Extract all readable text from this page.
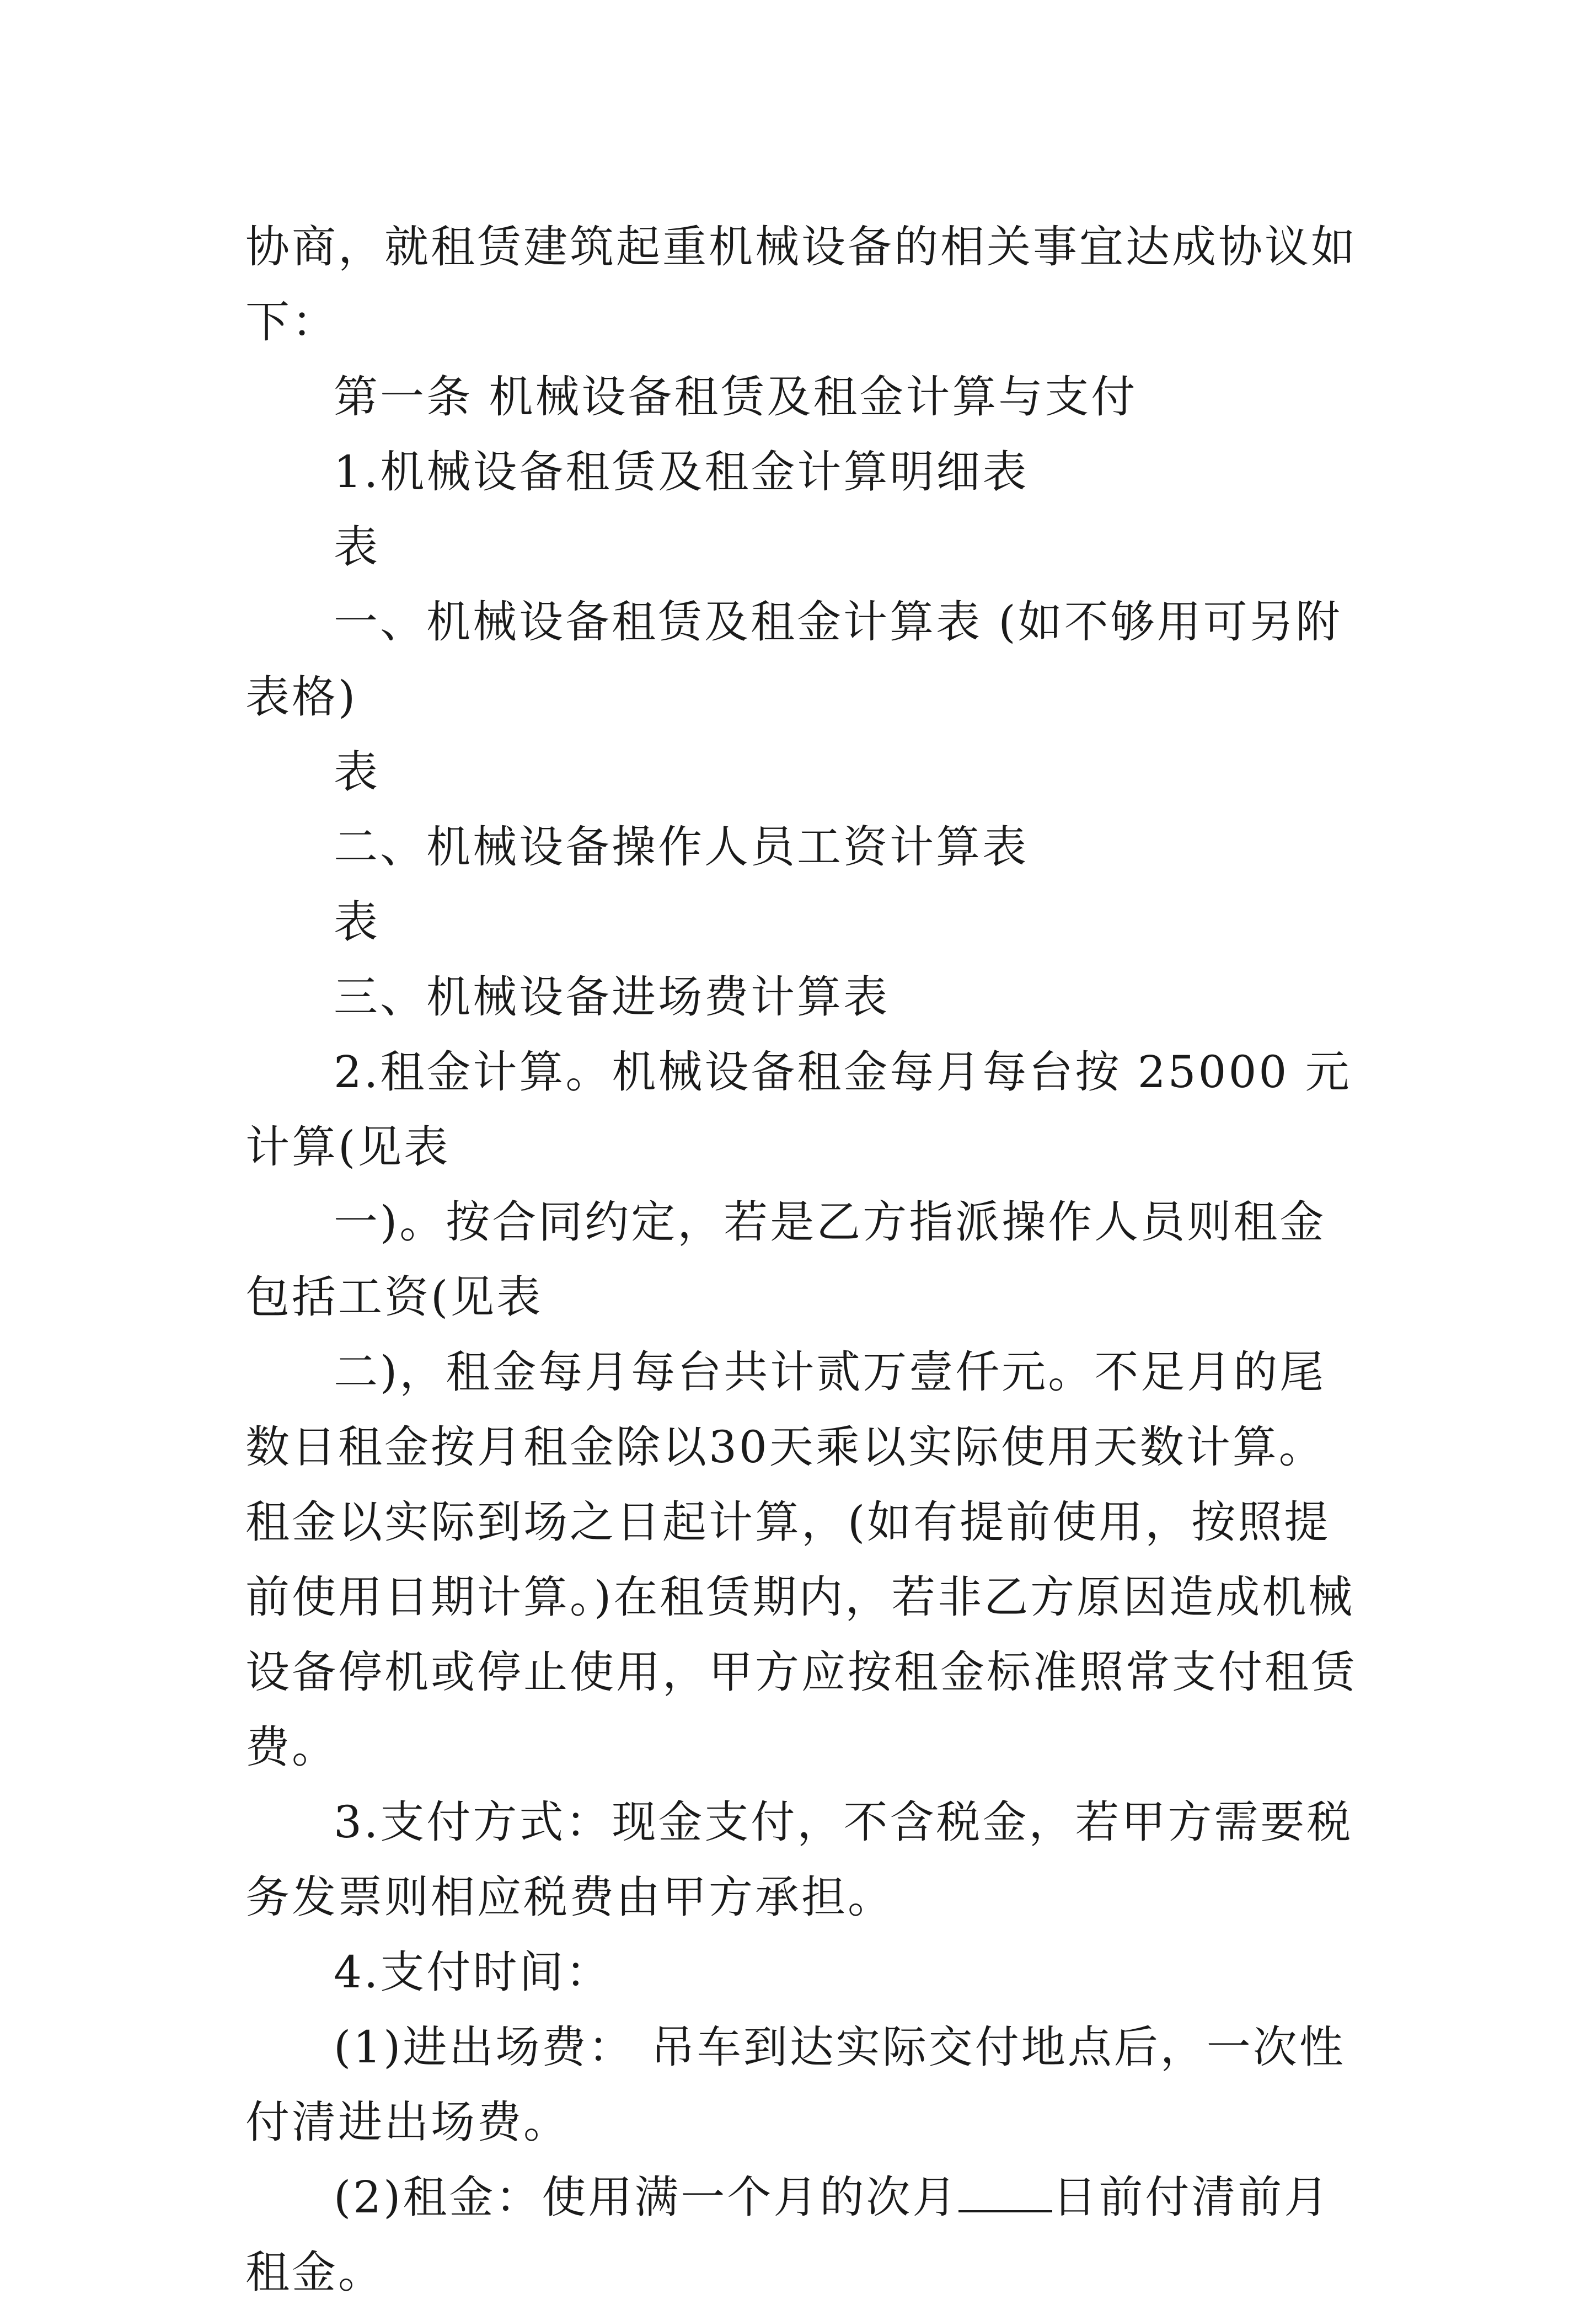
协商，就租赁建筑起重机械设备的相关事宜达成协议如下：

第一条 机械设备租赁及租金计算与支付

1.机械设备租赁及租金计算明细表

表

一、机械设备租赁及租金计算表 (如不够用可另附表格)

表

二、机械设备操作人员工资计算表

表

三、机械设备进场费计算表

2.租金计算。机械设备租金每月每台按 25000 元计算(见表

一)。按合同约定，若是乙方指派操作人员则租金包括工资(见表

二)，租金每月每台共计贰万壹仟元。不足月的尾数日租金按月租金除以30天乘以实际使用天数计算。租金以实际到场之日起计算，(如有提前使用，按照提前使用日期计算。)在租赁期内，若非乙方原因造成机械设备停机或停止使用，甲方应按租金标准照常支付租赁费。

3.支付方式：现金支付，不含税金，若甲方需要税务发票则相应税费由甲方承担。

4.支付时间：

(1)进出场费： 吊车到达实际交付地点后，一次性付清进出场费。

(2)租金：使用满一个月的次月 日前付清前月租金。
